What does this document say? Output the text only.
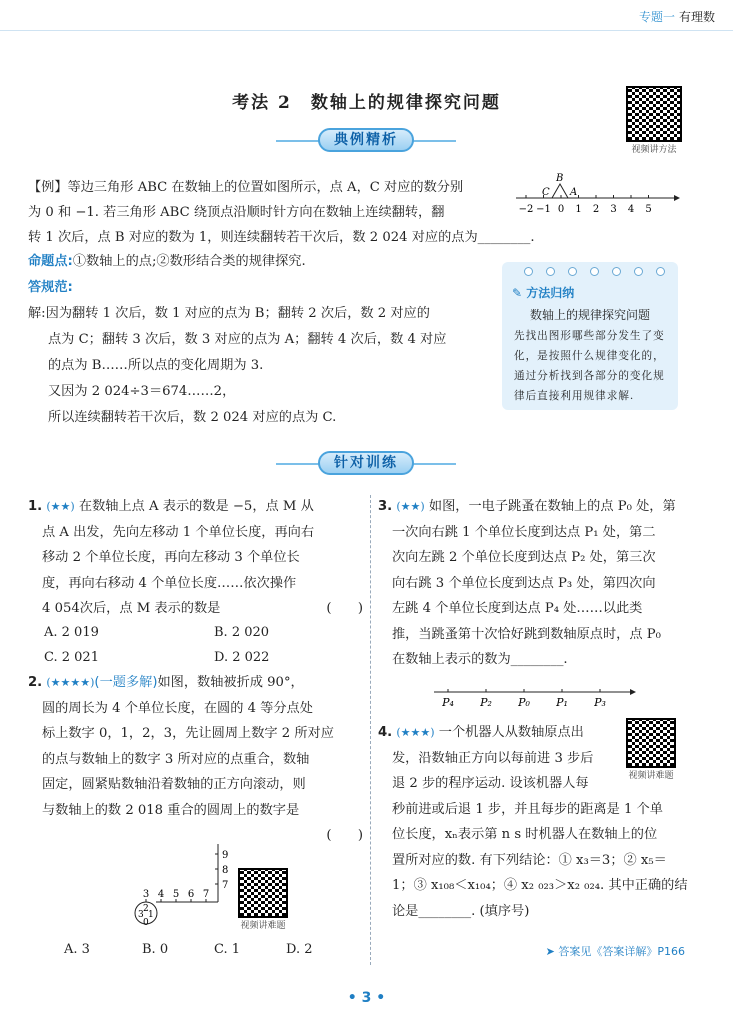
专题一 有理数
考法 2　数轴上的规律探究问题
视频讲方法
典例精析
【例】等边三角形 ABC 在数轴上的位置如图所示，点 A，C 对应的数分别
为 0 和 −1. 若三角形 ABC 绕顶点沿顺时针方向在数轴上连续翻转，翻
转 1 次后，点 B 对应的数为 1，则连续翻转若干次后，数 2 024 对应的点为________.
−2 −1 0 1 2 3 4 5
B
C A
命题点:①数轴上的点;②数形结合类的规律探究.
答规范:
解:因为翻转 1 次后，数 1 对应的点为 B；翻转 2 次后，数 2 对应的
点为 C；翻转 3 次后，数 3 对应的点为 A；翻转 4 次后，数 4 对应
的点为 B……所以点的变化周期为 3.
又因为 2 024÷3＝674……2，
所以连续翻转若干次后，数 2 024 对应的点为 C.
✎ 方法归纳
数轴上的规律探究问题
先找出图形哪些部分发生了变化，是按照什么规律变化的，通过分析找到各部分的变化规律后直接利用规律求解.
针对训练
1. (★★) 在数轴上点 A 表示的数是 −5，点 M 从
点 A 出发，先向左移动 1 个单位长度，再向右
移动 2 个单位长度，再向左移动 3 个单位长
度，再向右移动 4 个单位长度……依次操作
4 054次后，点 M 表示的数是	(　　)
A. 2 019	B. 2 020
C. 2 021	D. 2 022
2. (★★★★)(一题多解)如图，数轴被折成 90°，
圆的周长为 4 个单位长度，在圆的 4 等分点处
标上数字 0，1，2，3，先让圆周上数字 2 所对应
的点与数轴上的数字 3 所对应的点重合，数轴
固定，圆紧贴数轴沿着数轴的正方向滚动，则
与数轴上的数 2 018 重合的圆周上的数字是
(　　)
3 4 5 6 7
9
8
7
3
2
1
0	视频讲难题
A. 3	B. 0	C. 1	D. 2
3. (★★) 如图，一电子跳蚤在数轴上的点 P₀ 处，第
一次向右跳 1 个单位长度到达点 P₁ 处，第二
次向左跳 2 个单位长度到达点 P₂ 处，第三次
向右跳 3 个单位长度到达点 P₃ 处，第四次向
左跳 4 个单位长度到达点 P₄ 处……以此类
推，当跳蚤第十次恰好跳到数轴原点时，点 P₀
在数轴上表示的数为________.
P₄ P₂ P₀ P₁ P₃
4. (★★★) 一个机器人从数轴原点出
发，沿数轴正方向以每前进 3 步后
退 2 步的程序运动. 设该机器人每
秒前进或后退 1 步，并且每步的距离是 1 个单
位长度，xₙ表示第 n s 时机器人在数轴上的位
置所对应的数. 有下列结论：① x₃＝3；② x₅＝
1；③ x₁₀₈＜x₁₀₄；④ x₂ ₀₂₃＞x₂ ₀₂₄. 其中正确的结
论是________. (填序号)
视频讲难题
➤ 答案见《答案详解》P166
• 3 •
